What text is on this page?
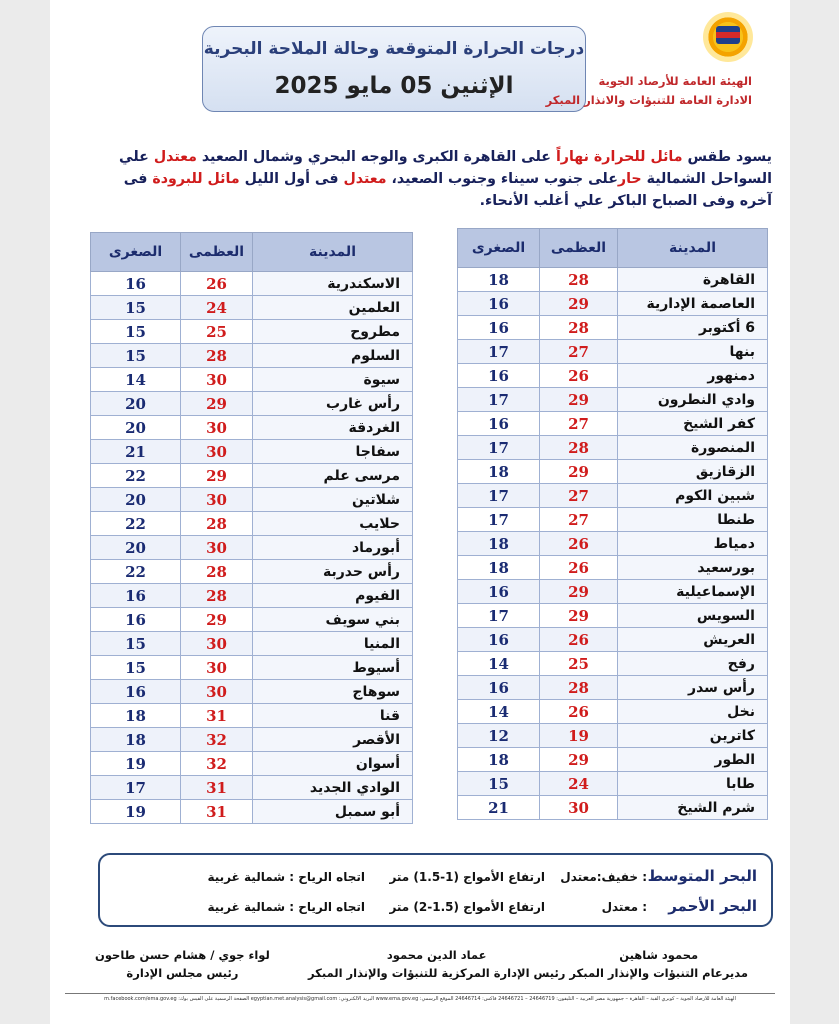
درجات الحرارة المتوقعة وحالة الملاحة البحرية
الإثنين 05 مايو 2025	الهيئة العامة للأرصاد الجوية
الادارة العامة للتنبؤات والانذار المبكر
يسود طقس مائل للحرارة نهاراً على القاهرة الكبرى والوجه البحري وشمال الصعيد معتدل علي السواحل الشمالية حارعلى جنوب سيناء وجنوب الصعيد، معتدل فى أول الليل مائل للبرودة فى آخره وفى الصباح الباكر علي أغلب الأنحاء.
المدينة	العظمى	الصغرى
القاهرة	28	18
العاصمة الإدارية	29	16
6 أكتوبر	28	16
بنها	27	17
دمنهور	26	16
وادي النطرون	29	17
كفر الشيخ	27	16
المنصورة	28	17
الزقازيق	29	18
شبين الكوم	27	17
طنطا	27	17
دمياط	26	18
بورسعيد	26	18
الإسماعيلية	29	16
السويس	29	17
العريش	26	16
رفح	25	14
رأس سدر	28	16
نخل	26	14
كاترين	19	12
الطور	29	18
طابا	24	15
شرم الشيخ	30	21
المدينة	العظمى	الصغرى
الاسكندرية	26	16
العلمين	24	15
مطروح	25	15
السلوم	28	15
سيوة	30	14
رأس غارب	29	20
الغردقة	30	20
سفاجا	30	21
مرسى علم	29	22
شلاتين	30	20
حلايب	28	22
أبورماد	30	20
رأس حدربة	28	22
الفيوم	28	16
بني سويف	29	16
المنيا	30	15
أسيوط	30	15
سوهاج	30	16
قنا	31	18
الأقصر	32	18
أسوان	32	19
الوادي الجديد	31	17
أبو سمبل	31	19
البحر المتوسط
: خفيف:معتدل
ارتفاع الأمواج (1-1.5) متر
اتجاه الرياح : شمالية غربية
البحر الأحمر
: معتدل
ارتفاع الأمواج (1.5-2) متر
اتجاه الرياح : شمالية غربية
محمود شاهين
مديرعام التنبؤات والإنذار المبكر
عماد الدين محمود
رئيس الإدارة المركزية للتنبؤات والإنذار المبكر
لواء جوي / هشام حسن طاحون
رئيس مجلس الإدارة
الهيئة العامة للأرصاد الجوية – كوبري القبة – القاهرة – جمهورية مصر العربية – التليفون: 24646719 – 24646721 فاكس: 24646714 الموقع الرسمي: www.ema.gov.eg البريد الالكتروني: egyptian.met.analysis@gmail.com الصفحة الرسمية على الفيس بوك: m.facebook.com/ema.gov.eg
